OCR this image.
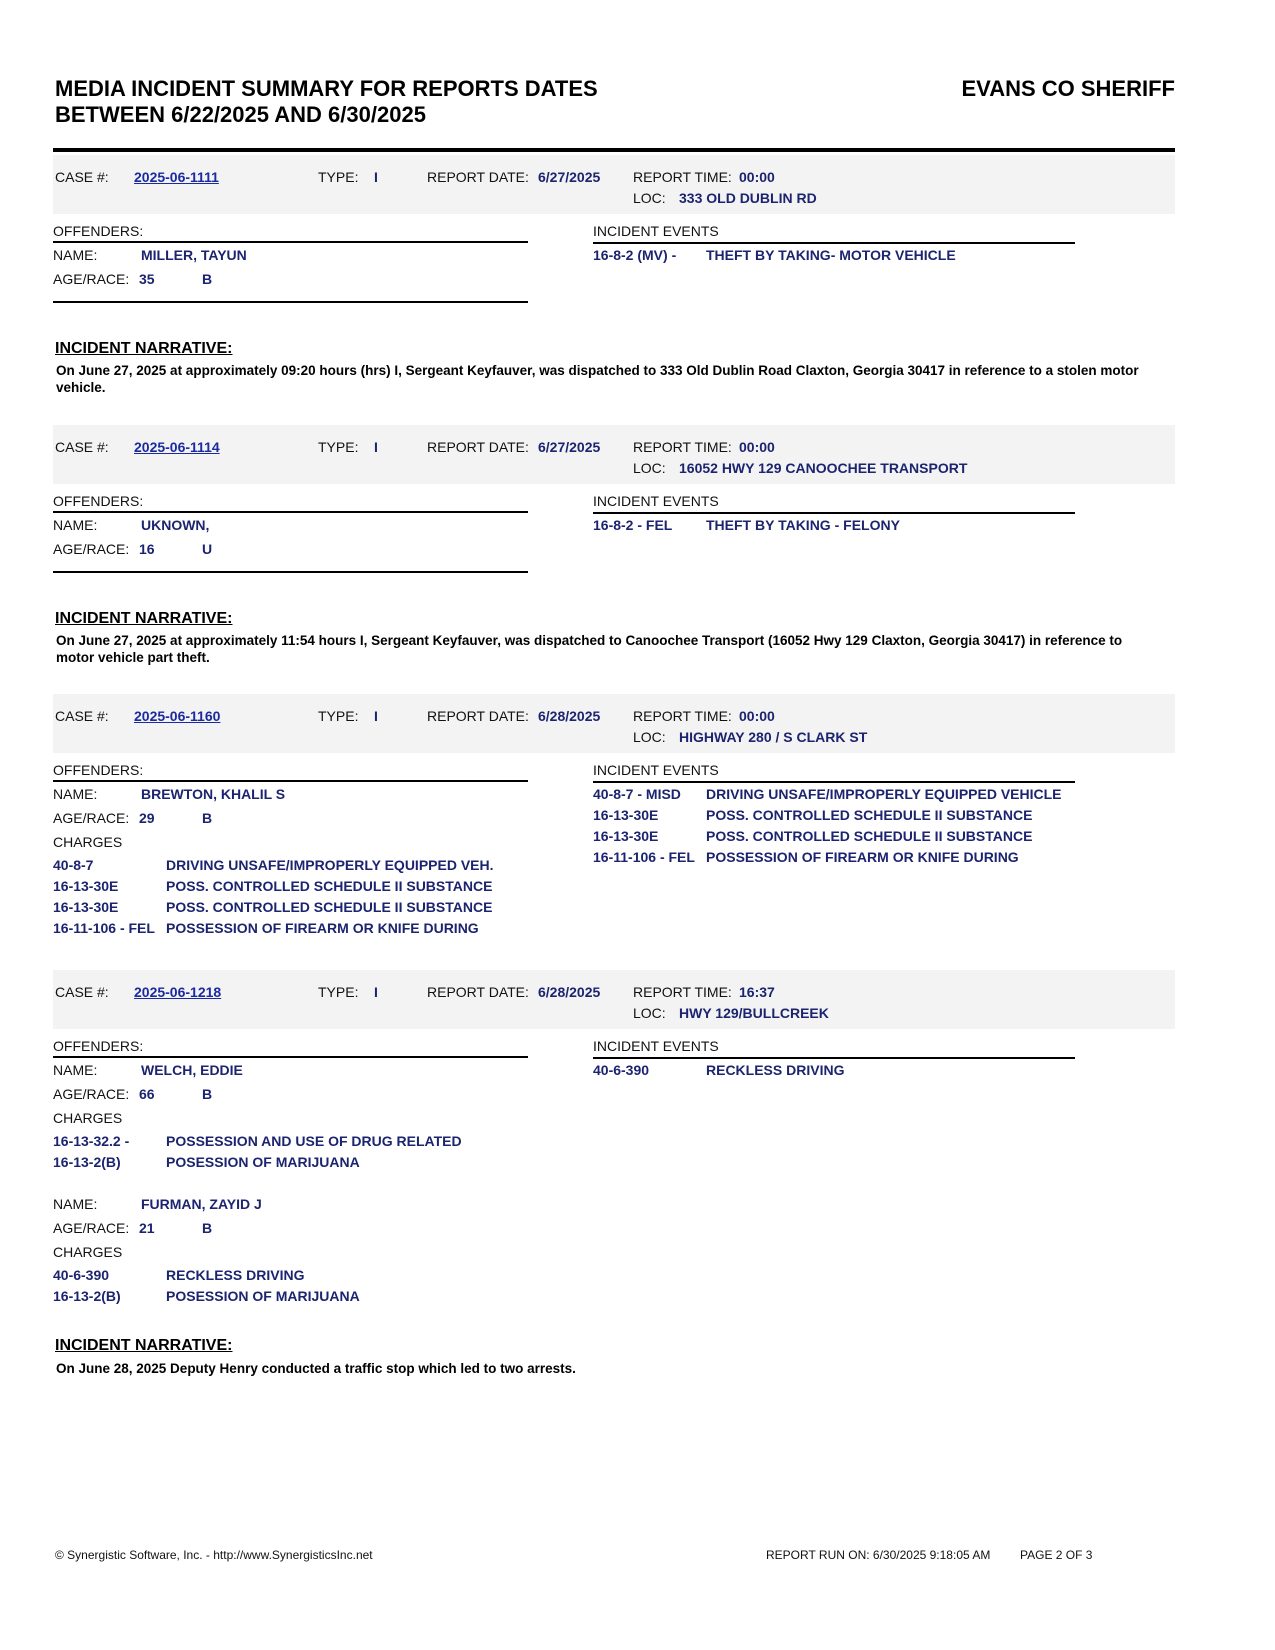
MEDIA INCIDENT SUMMARY FOR REPORTS DATES
BETWEEN 6/22/2025 AND 6/30/2025
EVANS CO SHERIFF
CASE #: 2025-06-1111	TYPE: I	REPORT DATE: 6/27/2025 REPORT TIME: 00:00
LOC: 333 OLD DUBLIN RD
OFFENDERS:	INCIDENT EVENTS
NAME:	MILLER, TAYUN
AGE/RACE: 35	B
16-8-2 (MV) - THEFT BY TAKING- MOTOR VEHICLE
INCIDENT NARRATIVE:
On June 27, 2025 at approximately 09:20 hours (hrs) I, Sergeant Keyfauver, was dispatched to 333 Old Dublin Road Claxton, Georgia 30417 in reference to a stolen motor vehicle.
CASE #: 2025-06-1114	TYPE: I	REPORT DATE: 6/27/2025 REPORT TIME: 00:00
LOC: 16052 HWY 129 CANOOCHEE TRANSPORT
OFFENDERS:	INCIDENT EVENTS
NAME:	UKNOWN,
AGE/RACE: 16	U
16-8-2 - FEL THEFT BY TAKING - FELONY
INCIDENT NARRATIVE:
On June 27, 2025 at approximately 11:54 hours I, Sergeant Keyfauver, was dispatched to Canoochee Transport (16052 Hwy 129 Claxton, Georgia 30417) in reference to motor vehicle part theft.
CASE #: 2025-06-1160	TYPE: I	REPORT DATE: 6/28/2025 REPORT TIME: 00:00
LOC: HIGHWAY 280 / S CLARK ST
OFFENDERS:	INCIDENT EVENTS
NAME:	BREWTON, KHALIL S
AGE/RACE: 29	B
CHARGES
40-8-7	DRIVING UNSAFE/IMPROPERLY EQUIPPED VEH.
16-13-30E	POSS. CONTROLLED SCHEDULE II SUBSTANCE
16-13-30E	POSS. CONTROLLED SCHEDULE II SUBSTANCE
16-11-106 - FEL POSSESSION OF FIREARM OR KNIFE DURING
40-8-7 - MISD DRIVING UNSAFE/IMPROPERLY EQUIPPED VEHICLE
16-13-30E	POSS. CONTROLLED SCHEDULE II SUBSTANCE
16-13-30E	POSS. CONTROLLED SCHEDULE II SUBSTANCE
16-11-106 - FEL POSSESSION OF FIREARM OR KNIFE DURING
CASE #: 2025-06-1218	TYPE: I	REPORT DATE: 6/28/2025 REPORT TIME: 16:37
LOC: HWY 129/BULLCREEK
OFFENDERS:	INCIDENT EVENTS
NAME:	WELCH, EDDIE
AGE/RACE: 66	B
CHARGES
16-13-32.2 -	POSSESSION AND USE OF DRUG RELATED
16-13-2(B)	POSESSION OF MARIJUANA
NAME:	FURMAN, ZAYID J
AGE/RACE: 21	B
CHARGES
40-6-390	RECKLESS DRIVING
16-13-2(B)	POSESSION OF MARIJUANA
40-6-390	RECKLESS DRIVING
INCIDENT NARRATIVE:
On June 28, 2025 Deputy Henry conducted a traffic stop which led to two arrests.
© Synergistic Software, Inc. - http://www.SynergisticsInc.net	REPORT RUN ON: 6/30/2025 9:18:05 AM PAGE 2 OF 3
